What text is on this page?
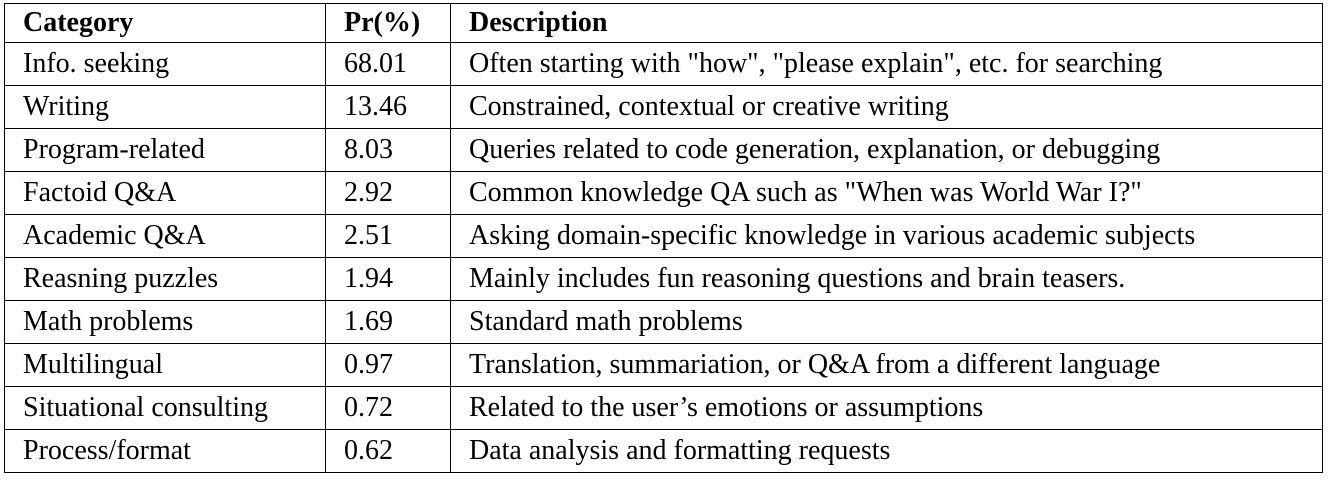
Category	Pr(%)	Description
Info. seeking	68.01	Often starting with "how", "please explain", etc. for searching
Writing	13.46	Constrained, contextual or creative writing
Program-related	8.03	Queries related to code generation, explanation, or debugging
Factoid Q&A	2.92	Common knowledge QA such as "When was World War I?"
Academic Q&A	2.51	Asking domain-specific knowledge in various academic subjects
Reasning puzzles	1.94	Mainly includes fun reasoning questions and brain teasers.
Math problems	1.69	Standard math problems
Multilingual	0.97	Translation, summariation, or Q&A from a different language
Situational consulting	0.72	Related to the user’s emotions or assumptions
Process/format	0.62	Data analysis and formatting requests
